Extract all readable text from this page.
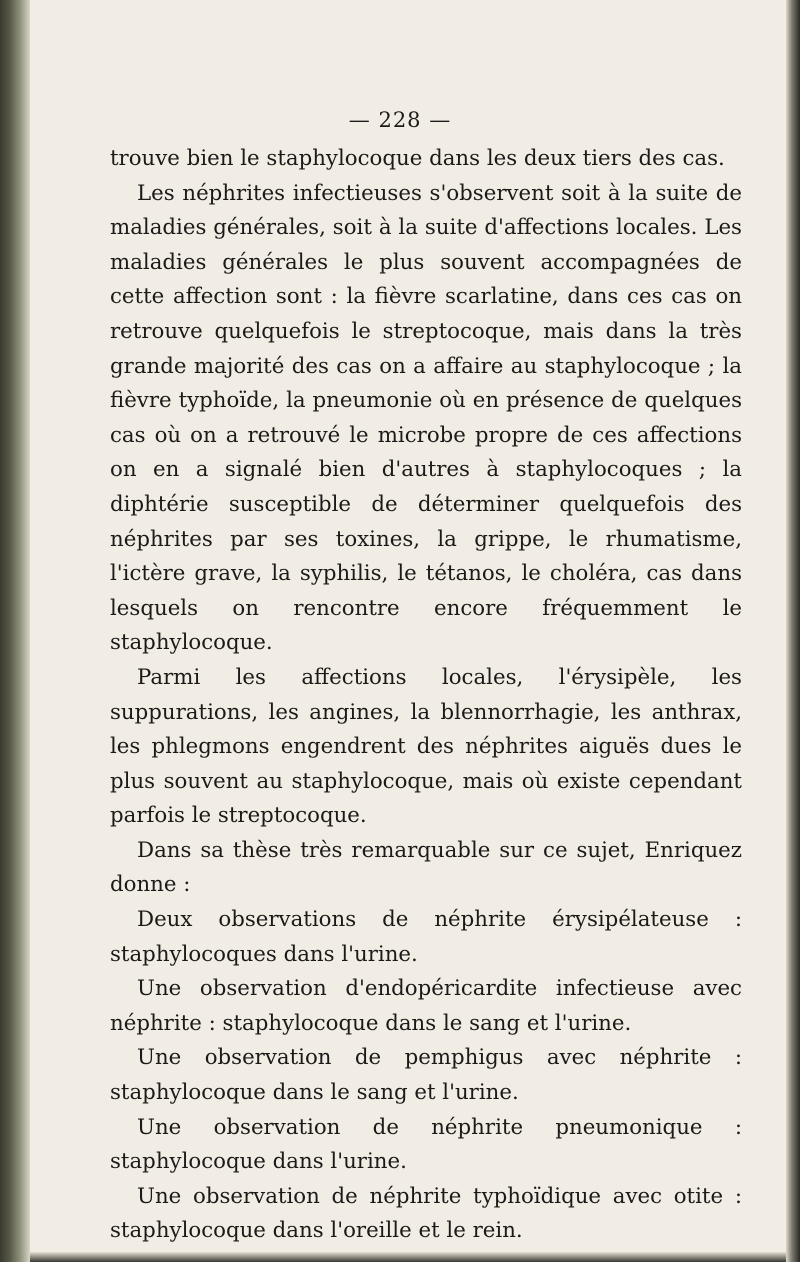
— 228 —

trouve bien le staphylocoque dans les deux tiers des cas.

Les néphrites infectieuses s'observent soit à la suite de maladies générales, soit à la suite d'affections locales. Les maladies générales le plus souvent accompagnées de cette affection sont : la fièvre scarlatine, dans ces cas on retrouve quelquefois le streptocoque, mais dans la très grande majorité des cas on a affaire au staphylocoque ; la fièvre typhoïde, la pneumonie où en présence de quelques cas où on a retrouvé le microbe propre de ces affections on en a signalé bien d'autres à staphylocoques ; la diphtérie susceptible de déterminer quelquefois des néphrites par ses toxines, la grippe, le rhumatisme, l'ictère grave, la syphilis, le tétanos, le choléra, cas dans lesquels on rencontre encore fréquemment le staphylocoque.

Parmi les affections locales, l'érysipèle, les suppurations, les angines, la blennorrhagie, les anthrax, les phlegmons engendrent des néphrites aiguës dues le plus souvent au staphylocoque, mais où existe cependant parfois le streptocoque.

Dans sa thèse très remarquable sur ce sujet, Enriquez donne :

Deux observations de néphrite érysipélateuse : staphylocoques dans l'urine.

Une observation d'endopéricardite infectieuse avec néphrite : staphylocoque dans le sang et l'urine.

Une observation de pemphigus avec néphrite : staphylocoque dans le sang et l'urine.

Une observation de néphrite pneumonique : staphylocoque dans l'urine.

Une observation de néphrite typhoïdique avec otite : staphylocoque dans l'oreille et le rein.
